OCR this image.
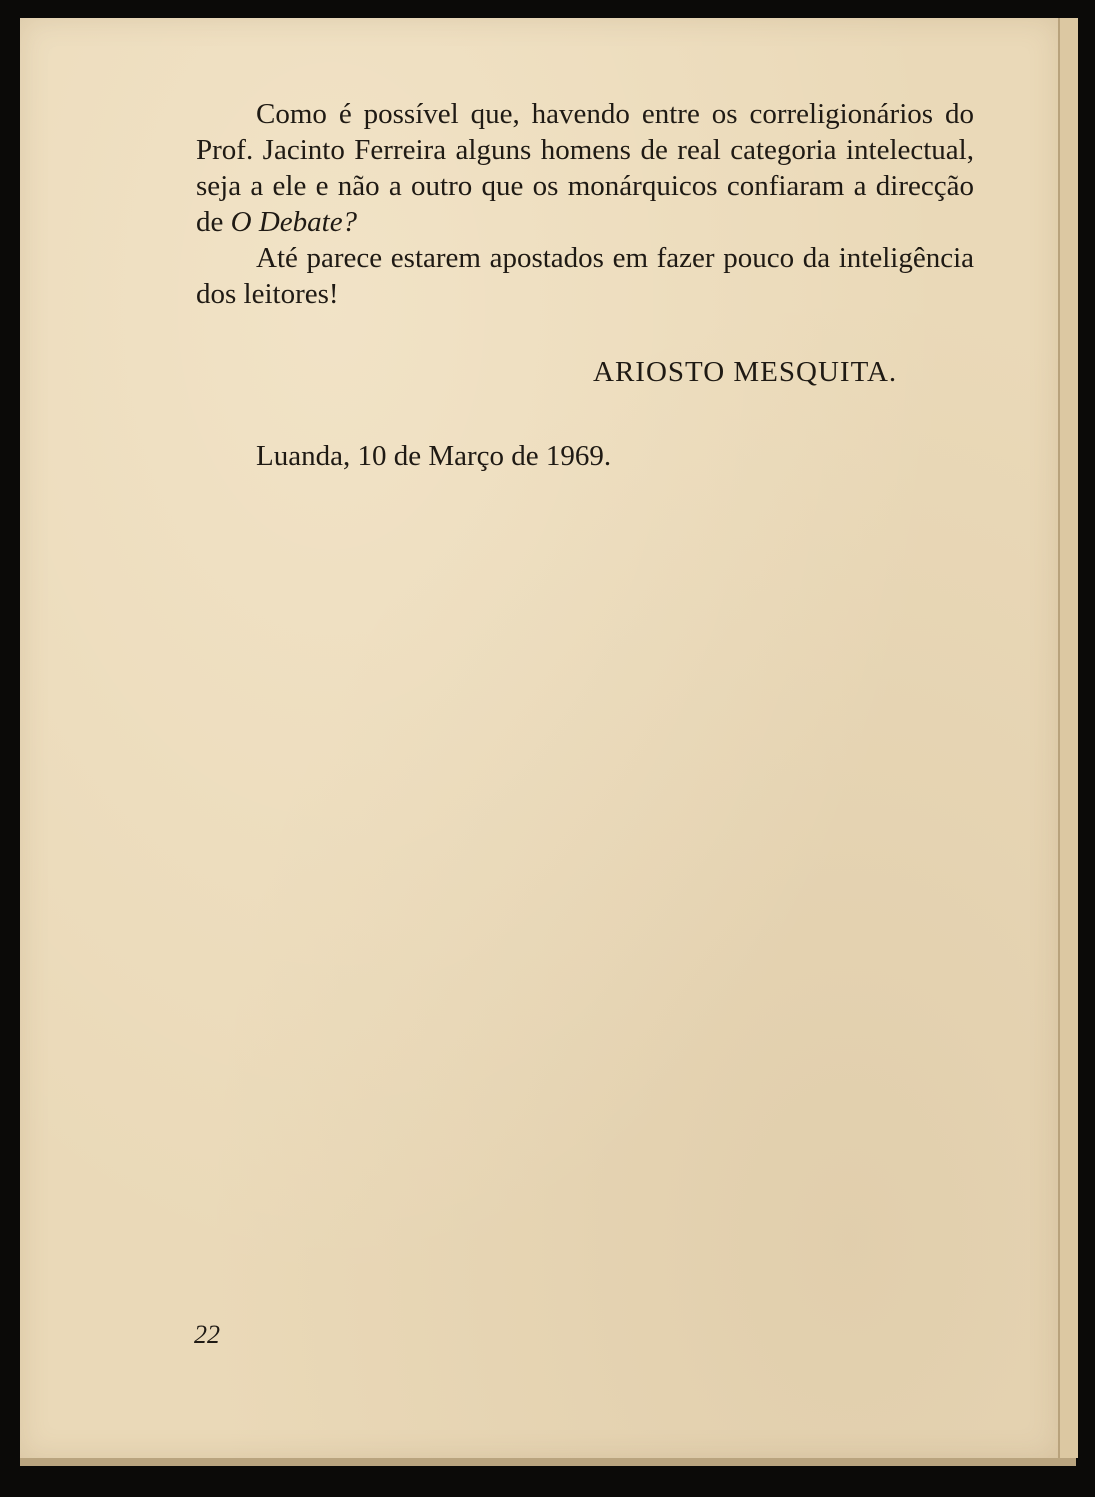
Como é possível que, havendo entre os correligionários do Prof. Jacinto Ferreira alguns homens de real categoria intelectual, seja a ele e não a outro que os monárquicos confiaram a direcção de O Debate?

Até parece estarem apostados em fazer pouco da inteligência dos leitores!

ARIOSTO MESQUITA.
Luanda, 10 de Março de 1969.
22
